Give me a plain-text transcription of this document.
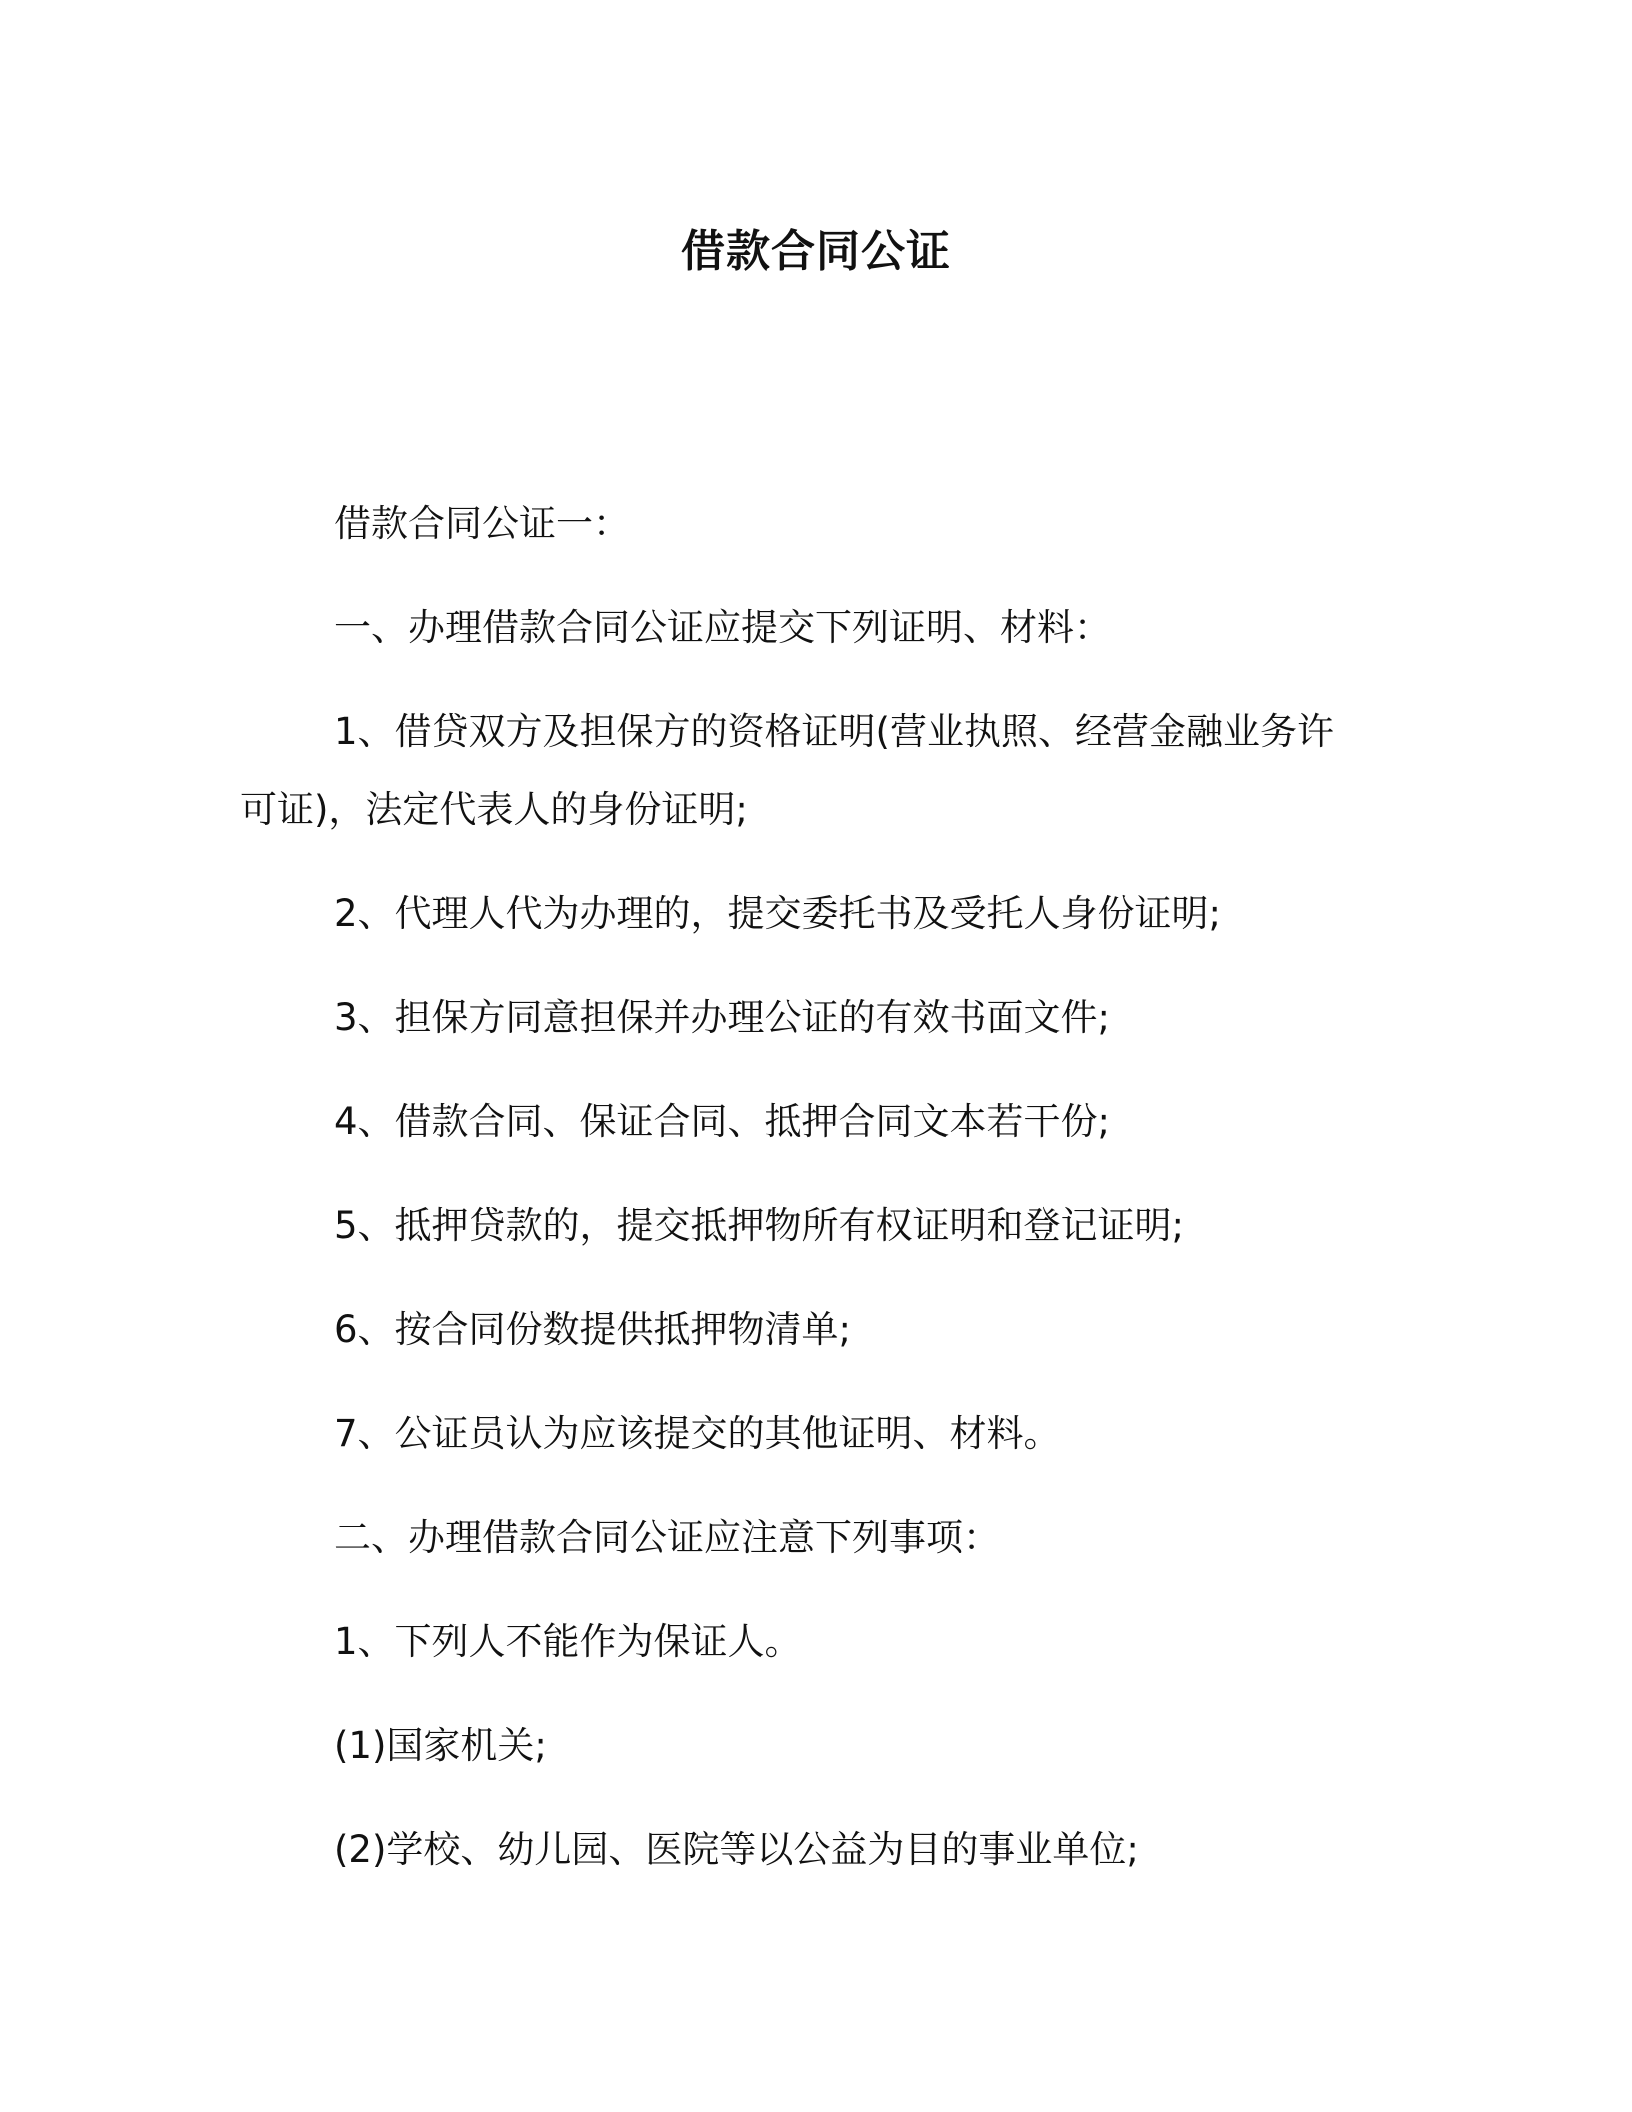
借款合同公证
借款合同公证一：
一、办理借款合同公证应提交下列证明、材料：
1、借贷双方及担保方的资格证明(营业执照、经营金融业务许可证)，法定代表人的身份证明;
2、代理人代为办理的，提交委托书及受托人身份证明;
3、担保方同意担保并办理公证的有效书面文件;
4、借款合同、保证合同、抵押合同文本若干份;
5、抵押贷款的，提交抵押物所有权证明和登记证明;
6、按合同份数提供抵押物清单;
7、公证员认为应该提交的其他证明、材料。
二、办理借款合同公证应注意下列事项：
1、下列人不能作为保证人。
(1)国家机关;
(2)学校、幼儿园、医院等以公益为目的事业单位;
